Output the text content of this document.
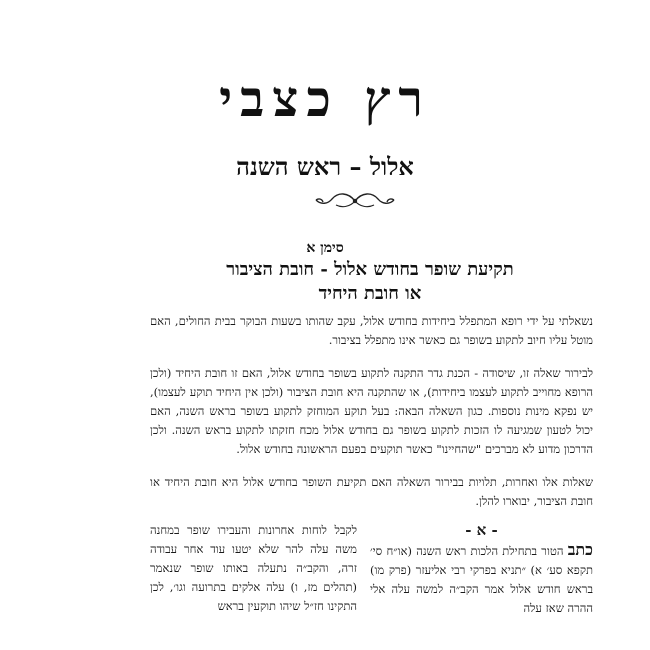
רץ כצבי
אלול – ראש השנה
סימן א
תקיעת שופר בחודש אלול - חובת הציבור
או חובת היחיד

נשאלתי על ידי רופא המתפלל ביחידות בחודש אלול, עקב שהותו בשעות הבוקר בבית החולים, האם מוטל עליו חיוב לתקוע בשופר גם כאשר אינו מתפלל בציבור.

לבירור שאלה זו, שיסודה - הכנת גדר התקנה לתקוע בשופר בחודש אלול, האם זו חובת היחיד (ולכן הרופא מחוייב לתקוע לעצמו ביחידות), או שהתקנה היא חובת הציבור (ולכן אין היחיד תוקע לעצמו), יש נפקא מינות נוספות. כגון השאלה הבאה: בעל תוקע המוחזק לתקוע בשופר בראש השנה, האם יכול לטעון שמגיעה לו הזכות לתקוע בשופר גם בחודש אלול מכח חזקתו לתקוע בראש השנה. ולכן הדרכון מדוע לא מברכים "שהחיינו" כאשר תוקעים בפעם הראשונה בחודש אלול.

שאלות אלו ואחרות, תלויות בבירור השאלה האם תקיעת השופר בחודש אלול היא חובת היחיד או חובת הציבור, יבוארו להלן.

- א -
כתב הטור בתחילת הלכות ראש השנה (או״ח סי׳ תקפא סע׳ א) ״תניא בפרקי רבי אליעזר (פרק מו) בראש חודש אלול אמר הקב״ה למשה עלה אלי ההרה שאז עלה
לקבל לוחות אחרונות והעבירו שופר במחנה משה עלה להר שלא יטעו עוד אחר עבודה זרה, והקב״ה נתעלה באותו שופר שנאמר (תהלים מז, ו) עלה אלקים בתרועה וגו׳, לכן התקינו חז״ל שיהו תוקעין בראש
